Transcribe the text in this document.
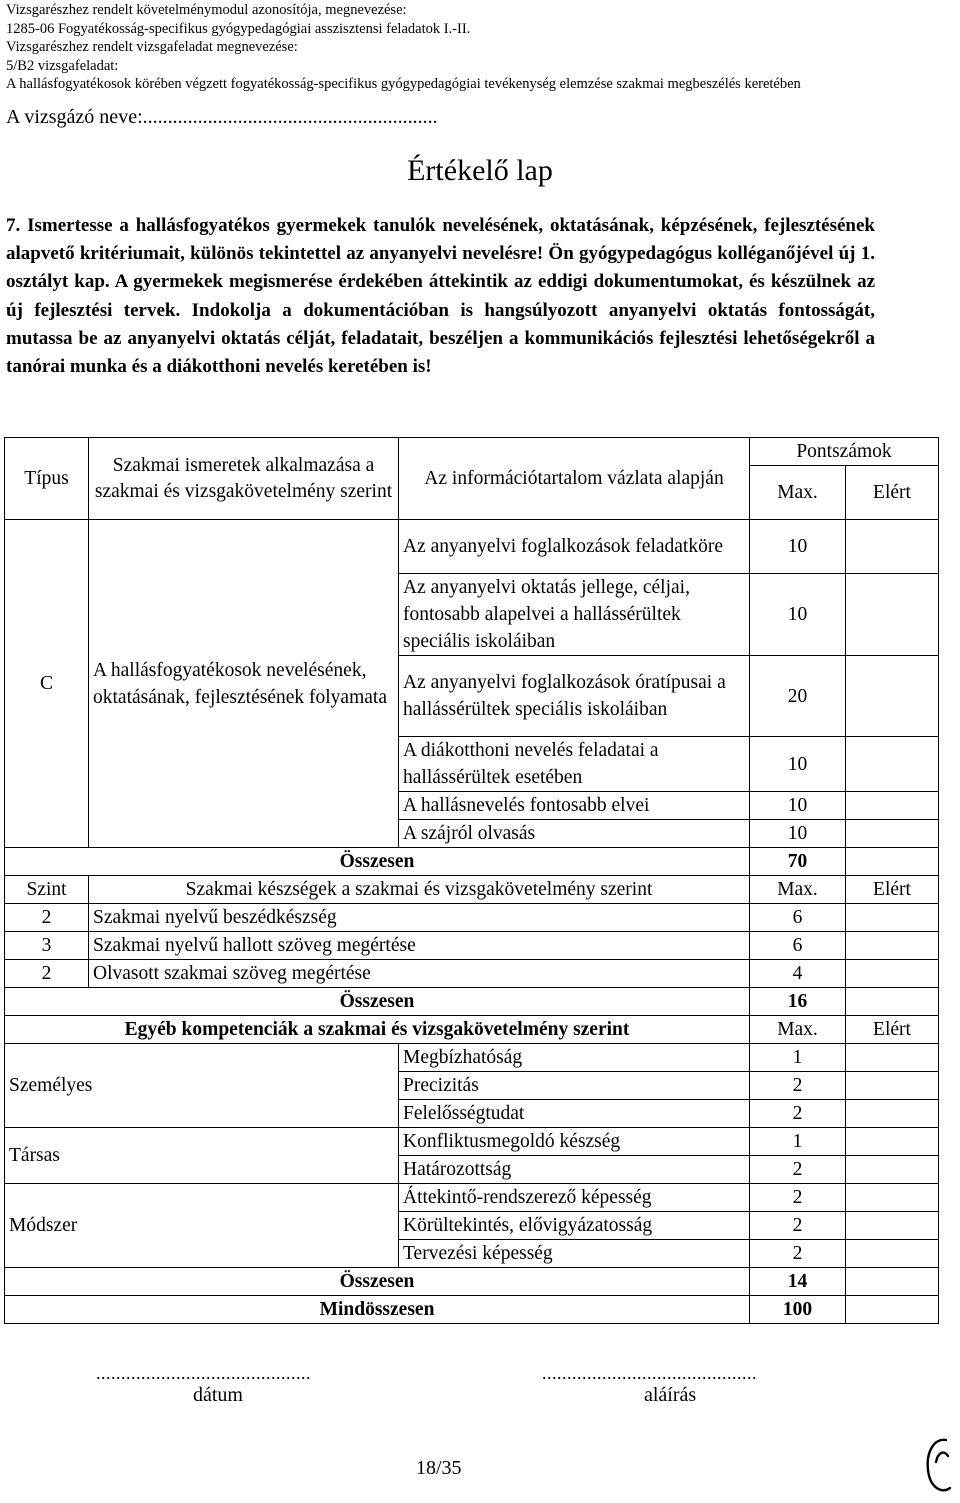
Vizsgarészhez rendelt követelménymodul azonosítója, megnevezése:
1285-06 Fogyatékosság-specifikus gyógypedagógiai asszisztensi feladatok I.-II.
Vizsgarészhez rendelt vizsgafeladat megnevezése:
5/B2 vizsgafeladat:
A hallásfogyatékosok körében végzett fogyatékosság-specifikus gyógypedagógiai tevékenység elemzése szakmai megbeszélés keretében
A vizsgázó neve:...........................................................
Értékelő lap
7. Ismertesse a hallásfogyatékos gyermekek tanulók nevelésének, oktatásának, képzésének, fejlesztésének alapvető kritériumait, különös tekintettel az anyanyelvi nevelésre! Ön gyógypedagógus kolléganőjével új 1. osztályt kap. A gyermekek megismerése érdekében áttekintik az eddigi dokumentumokat, és készülnek az új fejlesztési tervek. Indokolja a dokumentációban is hangsúlyozott anyanyelvi oktatás fontosságát, mutassa be az anyanyelvi oktatás célját, feladatait, beszéljen a kommunikációs fejlesztési lehetőségekről a tanórai munka és a diákotthoni nevelés keretében is!
Típus	Szakmai ismeretek alkalmazása a szakmai és vizsgakövetelmény szerint	Az információtartalom vázlata alapján	Pontszámok	
			Max.	Elért
C	A hallásfogyatékosok nevelésének, oktatásának, fejlesztésének folyamata	Az anyanyelvi foglalkozások feladatköre	10	
		Az anyanyelvi oktatás jellege, céljai, fontosabb alapelvei a hallássérültek speciális iskoláiban	10	
		Az anyanyelvi foglalkozások óratípusai a hallássérültek speciális iskoláiban	20	
		A diákotthoni nevelés feladatai a hallássérültek esetében	10	
		A hallásnevelés fontosabb elvei	10	
		A szájról olvasás	10	
Összesen			70	
Szint	Szakmai készségek a szakmai és vizsgakövetelmény szerint		Max.	Elért
2	Szakmai nyelvű beszédkészség		6	
3	Szakmai nyelvű hallott szöveg megértése		6	
2	Olvasott szakmai szöveg megértése		4	
Összesen			16	
Egyéb kompetenciák a szakmai és vizsgakövetelmény szerint			Max.	Elért
Személyes		Megbízhatóság	1	
		Precizitás	2	
		Felelősségtudat	2	
Társas		Konfliktusmegoldó készség	1	
		Határozottság	2	
Módszer		Áttekintő-rendszerező képesség	2	
		Körültekintés, elővigyázatosság	2	
		Tervezési képesség	2	
Összesen			14	
Mindösszesen			100	
...........................................	...........................................
dátum	aláírás
18/35
